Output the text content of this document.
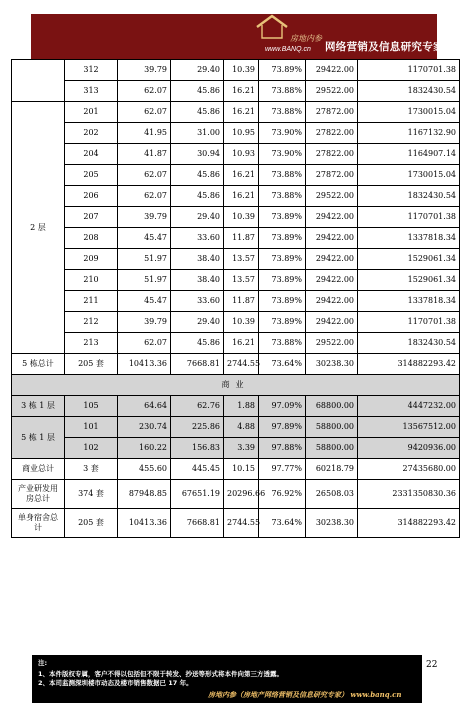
房地内参
www.BANQ.cn 网络营销及信息研究专家
	312	39.79	29.40	10.39	73.89%	29422.00	1170701.38
	313	62.07	45.86	16.21	73.88%	29522.00	1832430.54
2 层	201	62.07	45.86	16.21	73.88%	27872.00	1730015.04
	202	41.95	31.00	10.95	73.90%	27822.00	1167132.90
	204	41.87	30.94	10.93	73.90%	27822.00	1164907.14
	205	62.07	45.86	16.21	73.88%	27872.00	1730015.04
	206	62.07	45.86	16.21	73.88%	29522.00	1832430.54
	207	39.79	29.40	10.39	73.89%	29422.00	1170701.38
	208	45.47	33.60	11.87	73.89%	29422.00	1337818.34
	209	51.97	38.40	13.57	73.89%	29422.00	1529061.34
	210	51.97	38.40	13.57	73.89%	29422.00	1529061.34
	211	45.47	33.60	11.87	73.89%	29422.00	1337818.34
	212	39.79	29.40	10.39	73.89%	29422.00	1170701.38
	213	62.07	45.86	16.21	73.88%	29522.00	1832430.54
5 栋总计	205 套	10413.36	7668.81	2744.55	73.64%	30238.30	314882293.42
商业							
3 栋 1 层	105	64.64	62.76	1.88	97.09%	68800.00	4447232.00
5 栋 1 层	101	230.74	225.86	4.88	97.89%	58800.00	13567512.00
	102	160.22	156.83	3.39	97.88%	58800.00	9420936.00
商业总计	3 套	455.60	445.45	10.15	97.77%	60218.79	27435680.00
产业研发用房总计	374 套	87948.85	67651.19	20296.66	76.92%	26508.03	2331350830.36
单身宿舍总计	205 套	10413.36	7668.81	2744.55	73.64%	30238.30	314882293.42
22
注:
1、本件版权专属，客户不得以包括但不限于转发、抄送等形式将本件向第三方透露。
2、本司监测深圳楼市动态及楼市销售数据已 17 年。
房地内参（房地产网络营销及信息研究专家） www.banq.cn
